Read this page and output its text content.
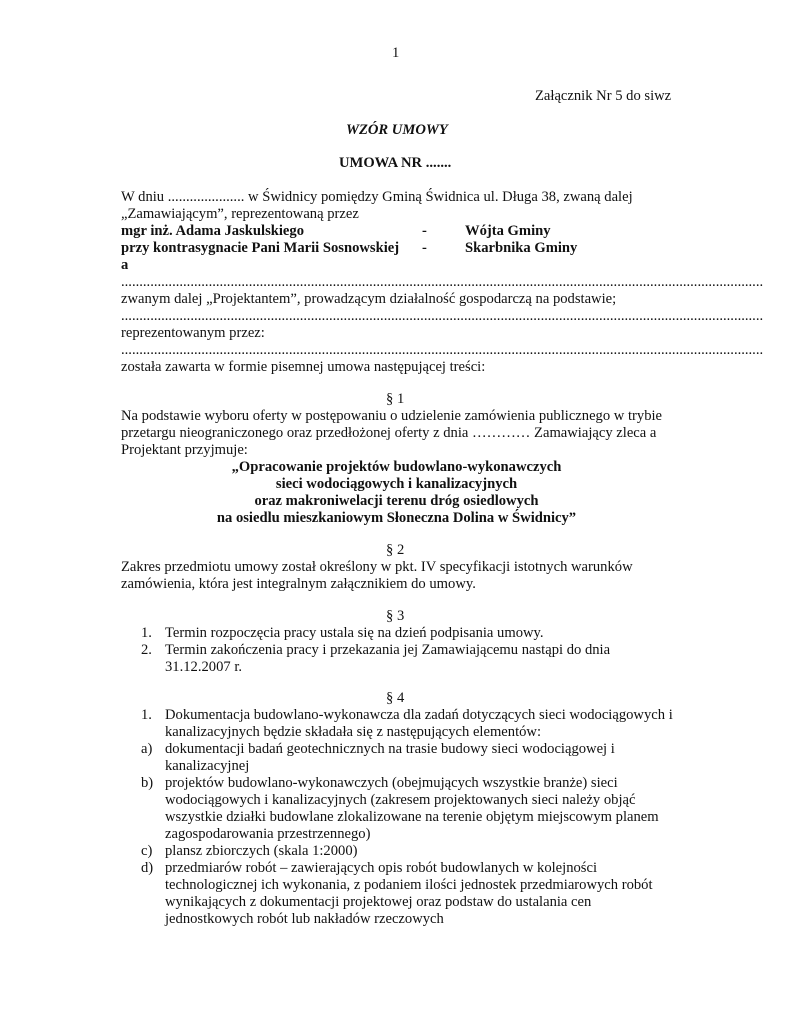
1
Załącznik Nr 5 do siwz
WZÓR UMOWY
UMOWA NR .......
W dniu ..................... w Świdnicy pomiędzy Gminą Świdnica ul. Długa 38, zwaną dalej
„Zamawiającym”, reprezentowaną przez
mgr inż. Adama Jaskulskiego	-	Wójta Gminy
przy kontrasygnacie Pani Marii Sosnowskiej -	Skarbnika Gminy
a
................................................................................................................................................................................
zwanym dalej „Projektantem”, prowadzącym działalność gospodarczą na podstawie;
................................................................................................................................................................................
reprezentowanym przez:
................................................................................................................................................................................
została zawarta w formie pisemnej umowa następującej treści:
§ 1
Na podstawie wyboru oferty w postępowaniu o udzielenie zamówienia publicznego w trybie
przetargu nieograniczonego oraz przedłożonej oferty z dnia ………… Zamawiający zleca a
Projektant przyjmuje:
„Opracowanie projektów budowlano-wykonawczych
sieci wodociągowych i kanalizacyjnych
oraz makroniwelacji terenu dróg osiedlowych
na osiedlu mieszkaniowym Słoneczna Dolina w Świdnicy”
§ 2
Zakres przedmiotu umowy został określony w pkt. IV specyfikacji istotnych warunków
zamówienia, która jest integralnym załącznikiem do umowy.
§ 3
1. Termin rozpoczęcia pracy ustala się na dzień podpisania umowy.
2. Termin zakończenia pracy i przekazania jej Zamawiającemu nastąpi do dnia
31.12.2007 r.
§ 4
1. Dokumentacja budowlano-wykonawcza dla zadań dotyczących sieci wodociągowych i
kanalizacyjnych będzie składała się z następujących elementów:
a) dokumentacji badań geotechnicznych na trasie budowy sieci wodociągowej i
kanalizacyjnej
b) projektów budowlano-wykonawczych (obejmujących wszystkie branże) sieci
wodociągowych i kanalizacyjnych (zakresem projektowanych sieci należy objąć
wszystkie działki budowlane zlokalizowane na terenie objętym miejscowym planem
zagospodarowania przestrzennego)
c) plansz zbiorczych (skala 1:2000)
d) przedmiarów robót – zawierających opis robót budowlanych w kolejności
technologicznej ich wykonania, z podaniem ilości jednostek przedmiarowych robót
wynikających z dokumentacji projektowej oraz podstaw do ustalania cen
jednostkowych robót lub nakładów rzeczowych
